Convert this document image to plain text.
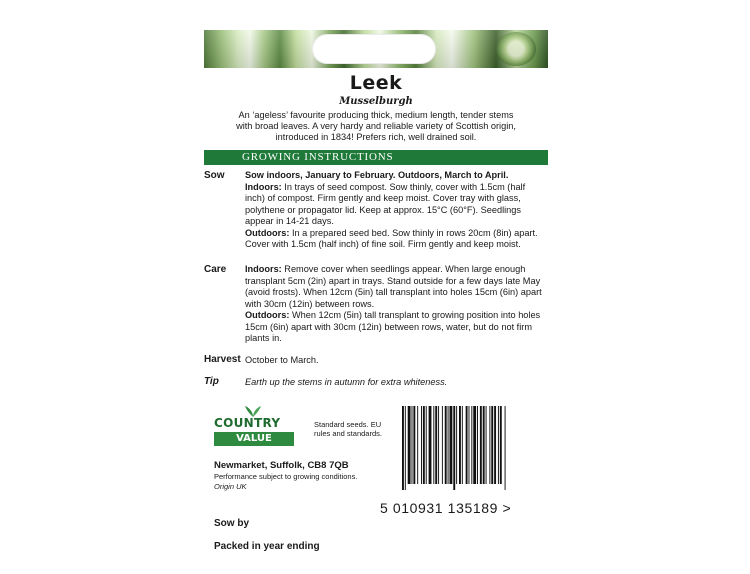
Leek
Musselburgh
An ‘ageless’ favourite producing thick, medium length, tender stems with broad leaves. A very hardy and reliable variety of Scottish origin, introduced in 1834! Prefers rich, well drained soil.
GROWING INSTRUCTIONS
Sow Sow indoors, January to February. Outdoors, March to April.

Indoors: In trays of seed compost. Sow thinly, cover with 1.5cm (half inch) of compost. Firm gently and keep moist. Cover tray with glass, polythene or propagator lid. Keep at approx. 15°C (60°F). Seedlings appear in 14-21 days.

Outdoors: In a prepared seed bed. Sow thinly in rows 20cm (8in) apart. Cover with 1.5cm (half inch) of fine soil. Firm gently and keep moist.

Care Indoors: Remove cover when seedlings appear. When large enough transplant 5cm (2in) apart in trays. Stand outside for a few days late May (avoid frosts). When 12cm (5in) tall transplant into holes 15cm (6in) apart with 30cm (12in) between rows.

Outdoors: When 12cm (5in) tall transplant to growing position into holes 15cm (6in) apart with 30cm (12in) between rows, water, but do not firm plants in.

Harvest October to March.
Tip	Earth up the stems in autumn for extra whiteness.
COUNTRY
VALUE
Standard seeds. EU rules and standards.
Newmarket, Suffolk, CB8 7QB
Performance subject to growing conditions.
Origin UK
5 010931 135189 >
Sow by
Packed in year ending
